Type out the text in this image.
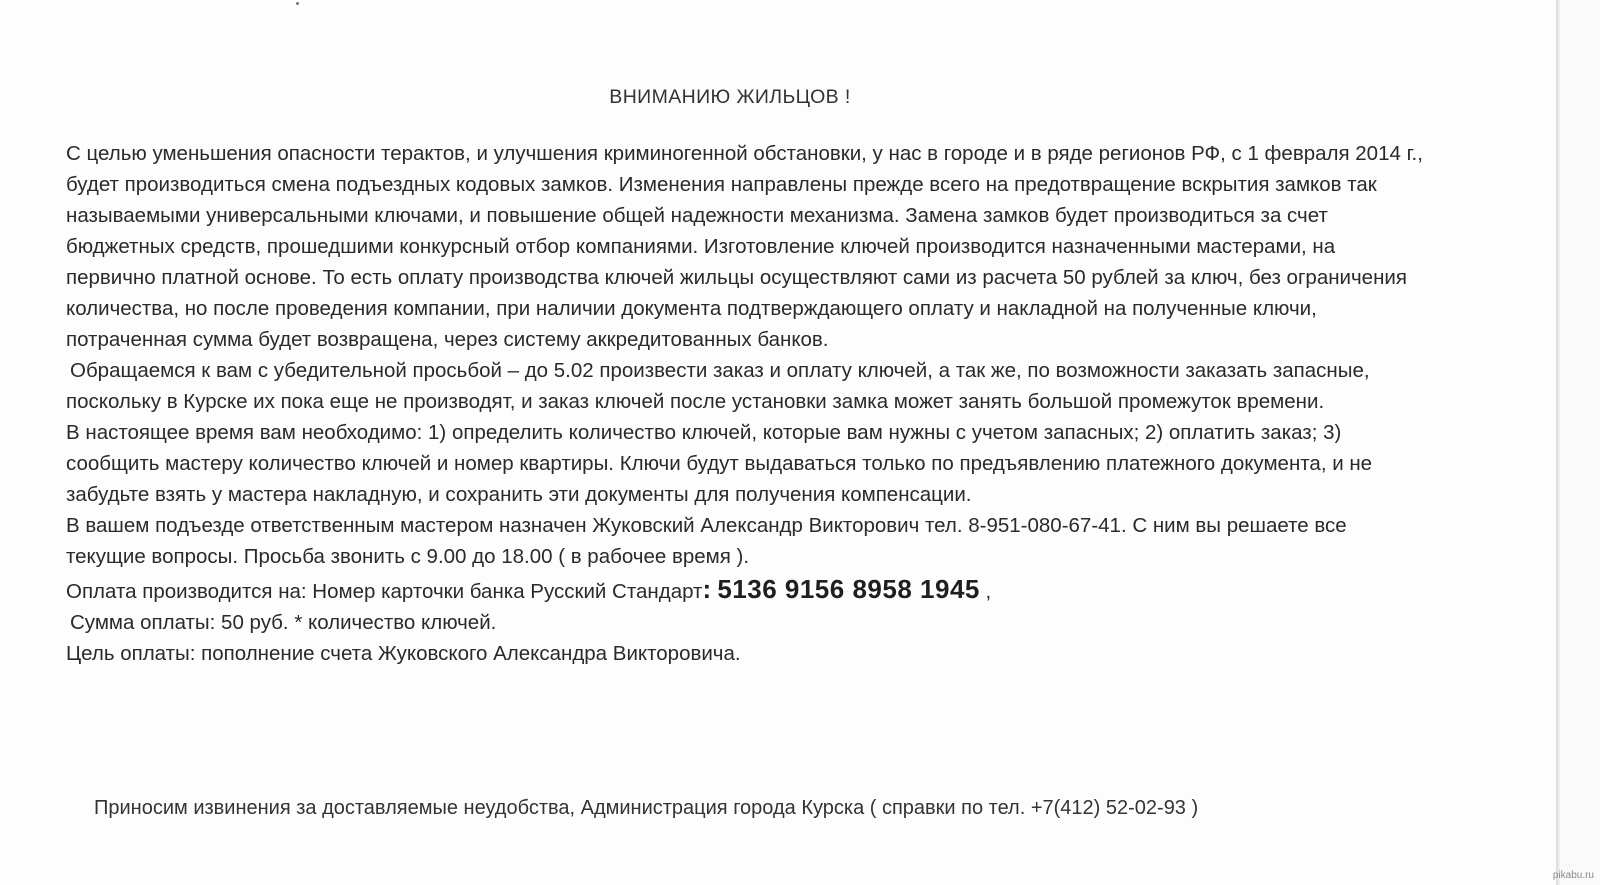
ВНИМАНИЮ ЖИЛЬЦОВ !

С целью уменьшения опасности терактов, и улучшения криминогенной обстановки, у нас в городе и в ряде регионов РФ, с 1 февраля 2014 г., будет производиться смена подъездных кодовых замков. Изменения направлены прежде всего на предотвращение вскрытия замков так называемыми универсальными ключами, и повышение общей надежности механизма. Замена замков будет производиться за счет бюджетных средств, прошедшими конкурсный отбор компаниями. Изготовление ключей производится назначенными мастерами, на первично платной основе. То есть оплату производства ключей жильцы осуществляют сами из расчета 50 рублей за ключ, без ограничения количества, но после проведения компании, при наличии документа подтверждающего оплату и накладной на полученные ключи, потраченная сумма будет возвращена, через систему аккредитованных банков.

Обращаемся к вам с убедительной просьбой – до 5.02 произвести заказ и оплату ключей, а так же, по возможности заказать запасные, поскольку в Курске их пока еще не производят, и заказ ключей после установки замка может занять большой промежуток времени.

В настоящее время вам необходимо: 1) определить количество ключей, которые вам нужны с учетом запасных; 2) оплатить заказ; 3) сообщить мастеру количество ключей и номер квартиры. Ключи будут выдаваться только по предъявлению платежного документа, и не забудьте взять у мастера накладную, и сохранить эти документы для получения компенсации.

В вашем подъезде ответственным мастером назначен Жуковский Александр Викторович тел. 8-951-080-67-41. С ним вы решаете все текущие вопросы. Просьба звонить с 9.00 до 18.00 ( в рабочее время ).

Оплата производится на: Номер карточки банка Русский Стандарт: 5136 9156 8958 1945 ,

Сумма оплаты: 50 руб. * количество ключей.

Цель оплаты: пополнение счета Жуковского Александра Викторовича.

Приносим извинения за доставляемые неудобства, Администрация города Курска ( справки по тел. +7(412) 52-02-93 )
pikabu.ru
